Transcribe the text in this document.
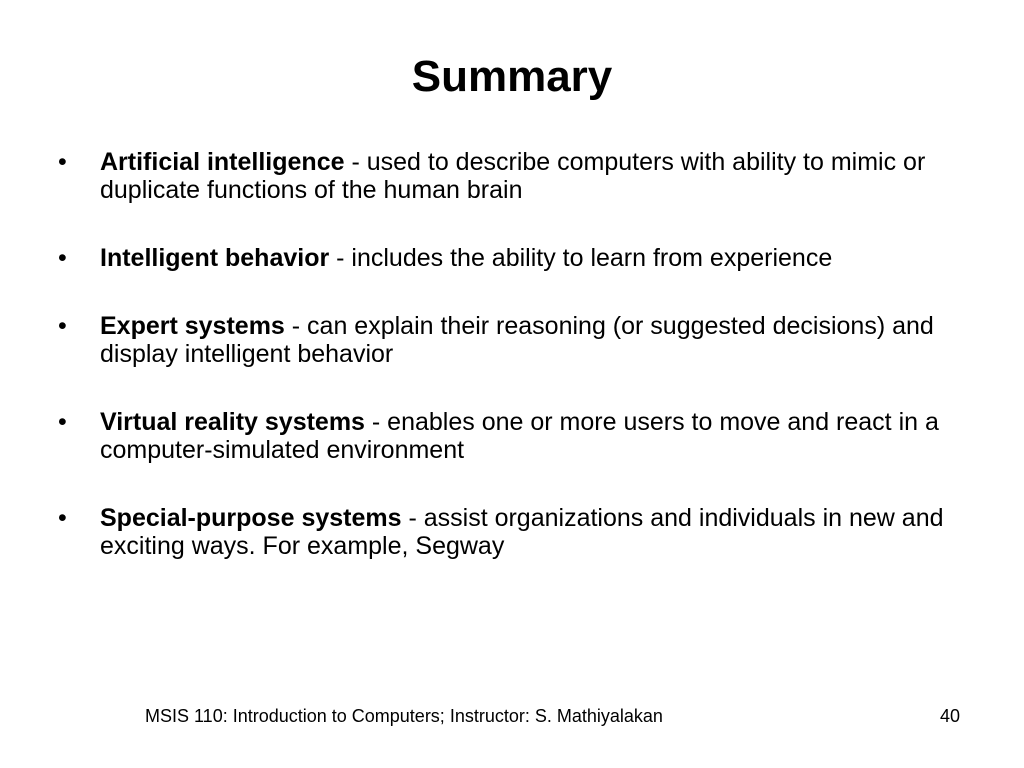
Summary
•	Artificial intelligence - used to describe computers with ability to mimic or duplicate functions of the human brain
•	Intelligent behavior - includes the ability to learn from experience
•	Expert systems - can explain their reasoning (or suggested decisions) and display intelligent behavior
•	Virtual reality systems - enables one or more users to move and react in a computer-simulated environment
•	Special-purpose systems - assist organizations and individuals in new and exciting ways. For example, Segway
MSIS 110: Introduction to Computers; Instructor: S. Mathiyalakan	40
